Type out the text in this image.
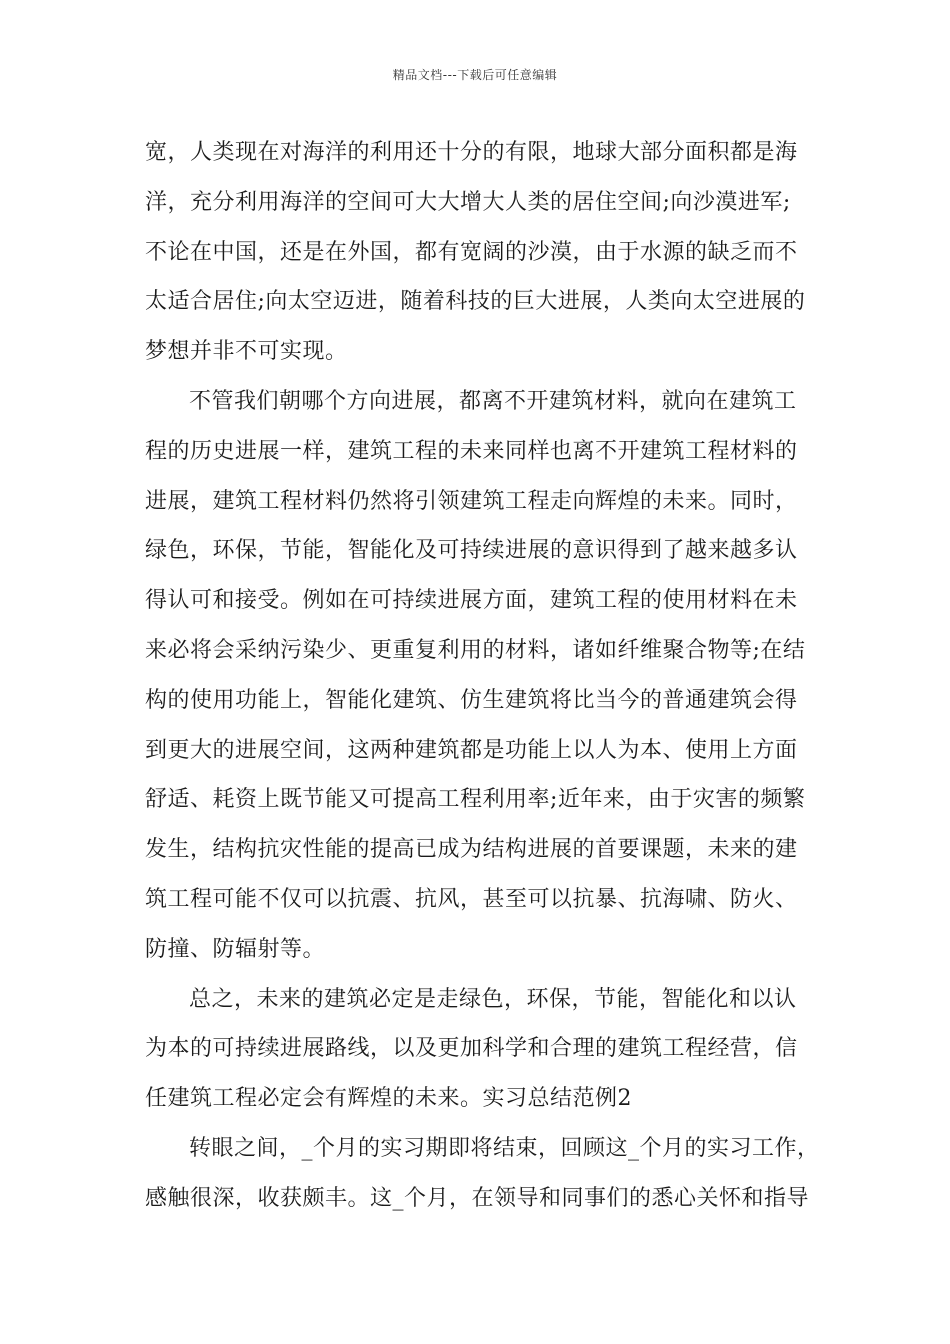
精品文档---下载后可任意编辑
宽，人类现在对海洋的利用还十分的有限，地球大部分面积都是海
洋，充分利用海洋的空间可大大增大人类的居住空间;向沙漠进军;
不论在中国，还是在外国，都有宽阔的沙漠，由于水源的缺乏而不
太适合居住;向太空迈进，随着科技的巨大进展，人类向太空进展的
梦想并非不可实现。
不管我们朝哪个方向进展，都离不开建筑材料，就向在建筑工
程的历史进展一样，建筑工程的未来同样也离不开建筑工程材料的
进展，建筑工程材料仍然将引领建筑工程走向辉煌的未来。同时，
绿色，环保，节能，智能化及可持续进展的意识得到了越来越多认
得认可和接受。例如在可持续进展方面，建筑工程的使用材料在未
来必将会采纳污染少、更重复利用的材料，诸如纤维聚合物等;在结
构的使用功能上，智能化建筑、仿生建筑将比当今的普通建筑会得
到更大的进展空间，这两种建筑都是功能上以人为本、使用上方面
舒适、耗资上既节能又可提高工程利用率;近年来，由于灾害的频繁
发生，结构抗灾性能的提高已成为结构进展的首要课题，未来的建
筑工程可能不仅可以抗震、抗风，甚至可以抗暴、抗海啸、防火、
防撞、防辐射等。
总之，未来的建筑必定是走绿色，环保，节能，智能化和以认
为本的可持续进展路线，以及更加科学和合理的建筑工程经营，信
任建筑工程必定会有辉煌的未来。实习总结范例2
转眼之间，_个月的实习期即将结束，回顾这_个月的实习工作，
感触很深，收获颇丰。这_个月，在领导和同事们的悉心关怀和指导
